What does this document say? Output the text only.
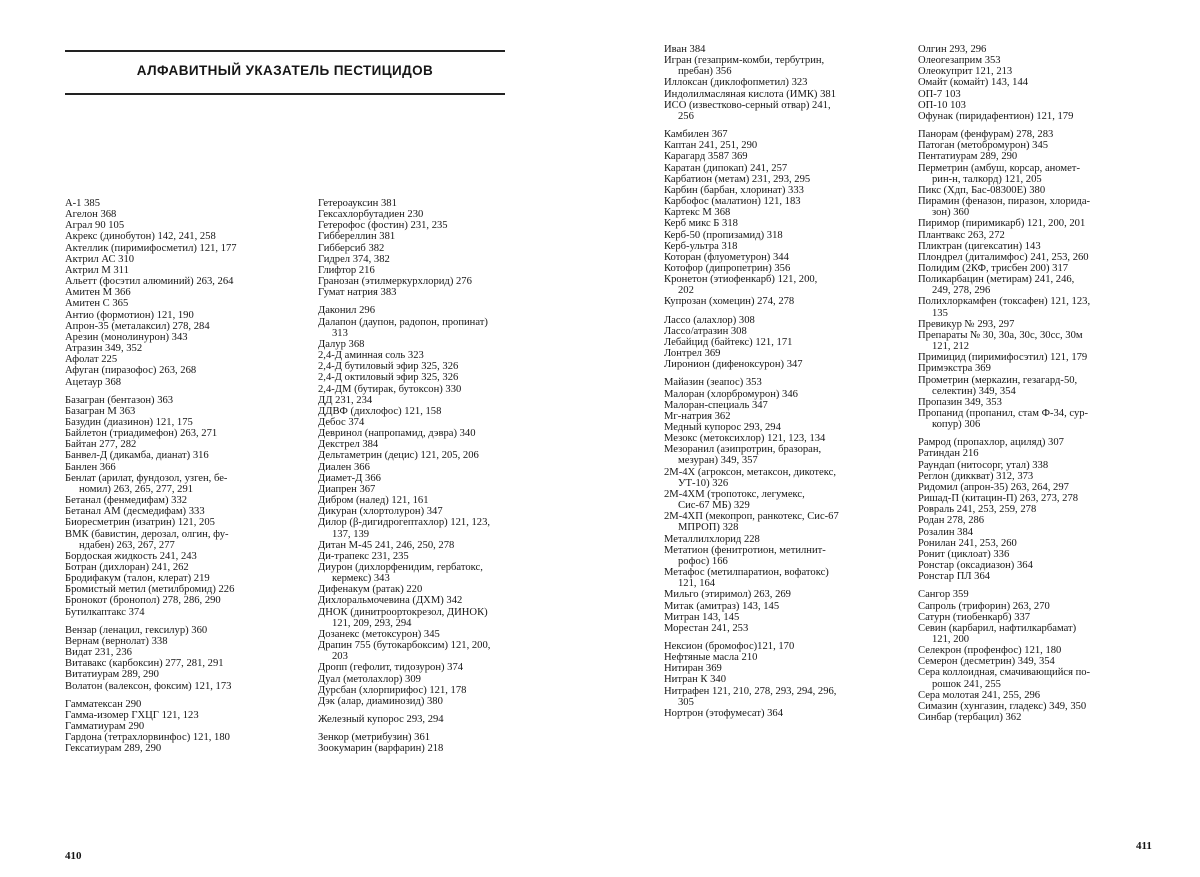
АЛФАВИТНЫЙ УКАЗАТЕЛЬ ПЕСТИЦИДОВ
A-1 385
Агелон 368
Аграл 90 105
Акрекс (динобутон) 142, 241, 258
Актеллик (пиримифосметил) 121, 177
Актрил АС 310
Актрил М 311
Альетт (фосэтил алюминий) 263, 264
Амитен М 366
Амитен С 365
Антио (формотион) 121, 190
Апрон-35 (металаксил) 278, 284
Арезин (монолинурон) 343
Атразин 349, 352
Афолат 225
Афуган (пиразофос) 263, 268
Ацетаур 368
Базагран (бентазон) 363
Базагран М 363
Базудин (диазинон) 121, 175
Байлетон (триадимефон) 263, 271
Байтан 277, 282
Банвел-Д (дикамба, дианат) 316
Банлен 366
Бенлат (арилат, фундозол, узген, бе-
номил) 263, 265, 277, 291
Бетанал (фенмедифам) 332
Бетанал АМ (десмедифам) 333
Биоресметрин (изатрин) 121, 205
ВМК (бавистин, дерозал, олгин, фу-
ндабен) 263, 267, 277
Бордоская жидкость 241, 243
Ботран (дихлоран) 241, 262
Бродифакум (талон, клерат) 219
Бромистый метил (метилбромид) 226
Бронокот (бронопол) 278, 286, 290
Бутилкаптакс 374
Вензар (ленацил, гексилур) 360
Вернам (вернолат) 338
Видат 231, 236
Витавакс (карбоксин) 277, 281, 291
Витатиурам 289, 290
Волатон (валексон, фоксим) 121, 173
Гамматексан 290
Гамма-изомер ГХЦГ 121, 123
Гамматиурам 290
Гардона (тетрахлорвинфос) 121, 180
Гексатиурам 289, 290
Гетероауксин 381
Гексахлорбутадиен 230
Гетерофос (фостин) 231, 235
Гиббереллин 381
Гибберсиб 382
Гидрел 374, 382
Глифтор 216
Гранозан (этилмеркурхлорид) 276
Гумат натрия 383
Даконил 296
Далапон (даупон, радопон, пропинат)
313
Далур 368
2,4-Д аминная соль 323
2,4-Д бутиловый эфир 325, 326
2,4-Д октиловый эфир 325, 326
2,4-ДМ (бутирак, бутоксон) 330
ДД 231, 234
ДДВФ (дихлофос) 121, 158
Дебос 374
Девринол (напропамид, дэвра) 340
Декстрел 384
Дельтаметрин (децис) 121, 205, 206
Диален 366
Диамет-Д 366
Диапрен 367
Дибром (налед) 121, 161
Дикуран (хлортолурон) 347
Дилор (β-дигидрогептахлор) 121, 123,
137, 139
Дитан М-45 241, 246, 250, 278
Ди-трапекс 231, 235
Диурон (дихлорфенидим, гербатокс,
кермекс) 343
Дифенакум (ратак) 220
Дихлоральмочевина (ДХМ) 342
ДНОК (динитроортокрезол, ДИНОК)
121, 209, 293, 294
Дозанекс (метоксурон) 345
Драпин 755 (бутокарбоксим) 121, 200,
203
Дропп (гефолит, тидозурон) 374
Дуал (метолахлор) 309
Дурсбан (хлорпирифос) 121, 178
Дэк (алар, диаминозид) 380
Железный купорос 293, 294
Зенкор (метрибузин) 361
Зоокумарин (варфарин) 218
410
Иван 384
Игран (гезаприм-комби, тербутрин,
пребан) 356
Иллоксан (диклофопметил) 323
Индолилмасляная кислота (ИМК) 381
ИСО (известково-серный отвар) 241,
256
Камбилен 367
Каптан 241, 251, 290
Карагард 3587 369
Каратан (дипокап) 241, 257
Карбатион (метам) 231, 293, 295
Карбин (барбан, хлоринат) 333
Карбофос (малатион) 121, 183
Картекс М 368
Керб микс Б 318
Керб-50 (пропизамид) 318
Керб-ультра 318
Которан (флуометурон) 344
Котофор (дипропетрин) 356
Кронетон (этиофенкарб) 121, 200,
202
Купрозан (хомецин) 274, 278
Лассо (алахлор) 308
Лассо/атразин 308
Лебайцид (байтекс) 121, 171
Лонтрел 369
Лиронион (дифеноксурон) 347
Майазин (зеапос) 353
Малоран (хлорбромурон) 346
Малоран-специаль 347
Мг-натрия 362
Медный купорос 293, 294
Мезокс (метоксихлор) 121, 123, 134
Мезоранил (аэипротрин, бразоран,
мезуран) 349, 357
2М-4Х (агроксон, метаксон, дикотекс,
УТ-10) 326
2М-4ХМ (тропотокс, легумекс,
Сис-67 МБ) 329
2М-4ХП (мекопроп, ранкотекс, Сис-67
МПРОП) 328
Металлилхлорид 228
Метатион (фенитротион, метилнит-
рофос) 166
Метафос (метилпаратион, вофатокс)
121, 164
Мильго (этиримол) 263, 269
Митак (амитраз) 143, 145
Митран 143, 145
Морестан 241, 253
Нексион (бромофос)121, 170
Нефтяные масла 210
Нитиран 369
Нитран К 340
Нитрафен 121, 210, 278, 293, 294, 296,
305
Нортрон (этофумесат) 364
Олгин 293, 296
Олеогезаприм 353
Олеокуприт 121, 213
Омайт (комайт) 143, 144
ОП-7 103
ОП-10 103
Офунак (пиридафентион) 121, 179
Панорам (фенфурам) 278, 283
Патоган (метобромурон) 345
Пентатиурам 289, 290
Перметрин (амбуш, корсар, аномет-
рин-н, талкорд) 121, 205
Пикс (Хдп, Бас-08300Е) 380
Пирамин (феназон, пиразон, хлорида-
зон) 360
Пиримор (пиримикарб) 121, 200, 201
Плантвакс 263, 272
Пликтран (цигексатин) 143
Плондрел (диталимфос) 241, 253, 260
Полидим (2КФ, трисбен 200) 317
Поликарбацин (метирам) 241, 246,
249, 278, 296
Полихлоркамфен (токсафен) 121, 123,
135
Превикур № 293, 297
Препараты № 30, 30а, 30с, 30сс, 30м
121, 212
Примицид (пиримифосэтил) 121, 179
Примэкстра 369
Прометрин (меркazин, гезагард-50,
селектин) 349, 354
Пропазин 349, 353
Пропанид (пропанил, стам Ф-34, сур-
копур) 306
Рамрод (пропахлор, ациляд) 307
Ратиндан 216
Раундап (нитосорг, утал) 338
Реглон (диккват) 312, 373
Ридомил (апрон-35) 263, 264, 297
Ришад-П (китацин-П) 263, 273, 278
Ровраль 241, 253, 259, 278
Родан 278, 286
Розалин 384
Ронилан 241, 253, 260
Ронит (циклоат) 336
Ронстар (оксадиазон) 364
Ронстар ПЛ 364
Сангор 359
Сапроль (трифорин) 263, 270
Сатурн (тиобенкарб) 337
Севин (карбарил, нафтилкарбамат)
121, 200
Селекрон (профенфос) 121, 180
Семерон (десметрин) 349, 354
Сера коллоидная, смачивающийся по-
рошок 241, 255
Сера молотая 241, 255, 296
Симазин (хунгазин, гладекс) 349, 350
Синбар (тербацил) 362
411
